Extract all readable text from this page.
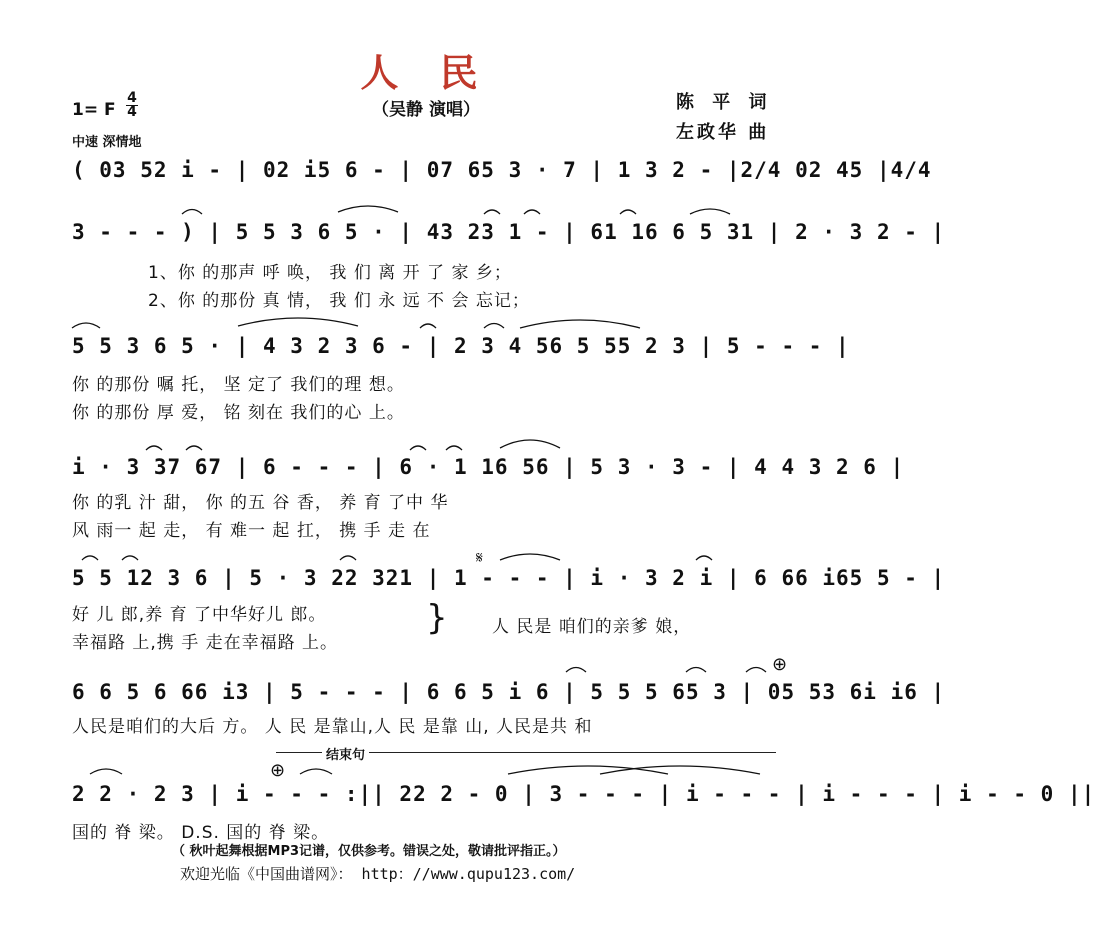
人 民
（吴静 演唱）	陈 平 词
左政华 曲
1= F
4
4
中速 深情地
( 03 52 i - | 02 i5 6 - | 07 65 3 · 7 | 1 3 2 - |2/4 02 45 |4/4
3 - - - ) | 5 5 3 6 5 · | 43 23 1 - | 61 16 6 5 31 | 2 · 3 2 - |
1、你 的那声 呼 唤， 我 们 离 开 了 家 乡；
2、你 的那份 真 情， 我 们 永 远 不 会 忘记；
5 5 3 6 5 · | 4 3 2 3 6 - | 2 3 4 56 5 55 2 3 | 5 - - - |
你 的那份 嘱 托， 坚 定了 我们的理 想。
你 的那份 厚 爱， 铭 刻在 我们的心 上。
i · 3 37 67 | 6 - - - | 6 · 1 16 56 | 5 3 · 3 - | 4 4 3 2 6 |
你 的乳 汁 甜， 你 的五 谷 香， 养 育 了中 华
风 雨一 起 走， 有 难一 起 扛， 携 手 走 在
𝄋
5 5 12 3 6 | 5 · 3 22 321 | 1 - - - | i · 3 2 i | 6 66 i65 5 - |
好 儿 郎,养 育 了中华好儿 郎。
幸福路 上,携 手 走在幸福路 上。
}	人 民是 咱们的亲爹 娘，
6 6 5 6 66 i3 | 5 - - - | 6 6 5 i 6 | 5 5 5 65 3 | 05 53 6i i6 |
⊕
人民是咱们的大后 方。 人 民 是靠山,人 民 是靠 山, 人民是共 和
结束句
⊕
2 2 · 2 3 | i - - - :|| 22 2 - 0 | 3 - - - | i - - - | i - - - | i - - 0 ||
国的 脊 梁。 D.S. 国的 脊 梁。
（ 秋叶起舞根据MP3记谱，仅供参考。错误之处，敬请批评指正。）
欢迎光临《中国曲谱网》： http：//www.qupu123.com/
